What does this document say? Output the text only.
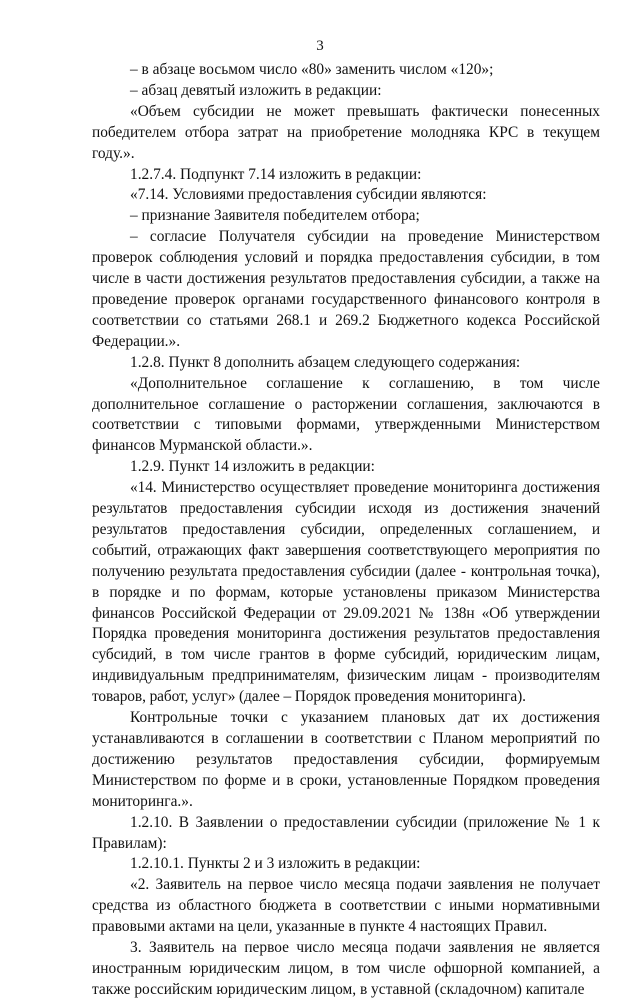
3

– в абзаце восьмом число «80» заменить числом «120»;

– абзац девятый изложить в редакции:

«Объем субсидии не может превышать фактически понесенных победителем отбора затрат на приобретение молодняка КРС в текущем году.».

1.2.7.4. Подпункт 7.14 изложить в редакции:

«7.14. Условиями предоставления субсидии являются:

– признание Заявителя победителем отбора;

– согласие Получателя субсидии на проведение Министерством проверок соблюдения условий и порядка предоставления субсидии, в том числе в части достижения результатов предоставления субсидии, а также на проведение проверок органами государственного финансового контроля в соответствии со статьями 268.1 и 269.2 Бюджетного кодекса Российской Федерации.».

1.2.8. Пункт 8 дополнить абзацем следующего содержания:

«Дополнительное соглашение к соглашению, в том числе дополнительное соглашение о расторжении соглашения, заключаются в соответствии с типовыми формами, утвержденными Министерством финансов Мурманской области.».

1.2.9. Пункт 14 изложить в редакции:

«14. Министерство осуществляет проведение мониторинга достижения результатов предоставления субсидии исходя из достижения значений результатов предоставления субсидии, определенных соглашением, и событий, отражающих факт завершения соответствующего мероприятия по получению результата предоставления субсидии (далее - контрольная точка), в порядке и по формам, которые установлены приказом Министерства финансов Российской Федерации от 29.09.2021 № 138н «Об утверждении Порядка проведения мониторинга достижения результатов предоставления субсидий, в том числе грантов в форме субсидий, юридическим лицам, индивидуальным предпринимателям, физическим лицам - производителям товаров, работ, услуг» (далее – Порядок проведения мониторинга).

Контрольные точки с указанием плановых дат их достижения устанавливаются в соглашении в соответствии с Планом мероприятий по достижению результатов предоставления субсидии, формируемым Министерством по форме и в сроки, установленные Порядком проведения мониторинга.».

1.2.10. В Заявлении о предоставлении субсидии (приложение № 1 к Правилам):

1.2.10.1. Пункты 2 и 3 изложить в редакции:

«2. Заявитель на первое число месяца подачи заявления не получает средства из областного бюджета в соответствии с иными нормативными правовыми актами на цели, указанные в пункте 4 настоящих Правил.

3. Заявитель на первое число месяца подачи заявления не является иностранным юридическим лицом, в том числе офшорной компанией, а также российским юридическим лицом, в уставной (складочном) капитале
